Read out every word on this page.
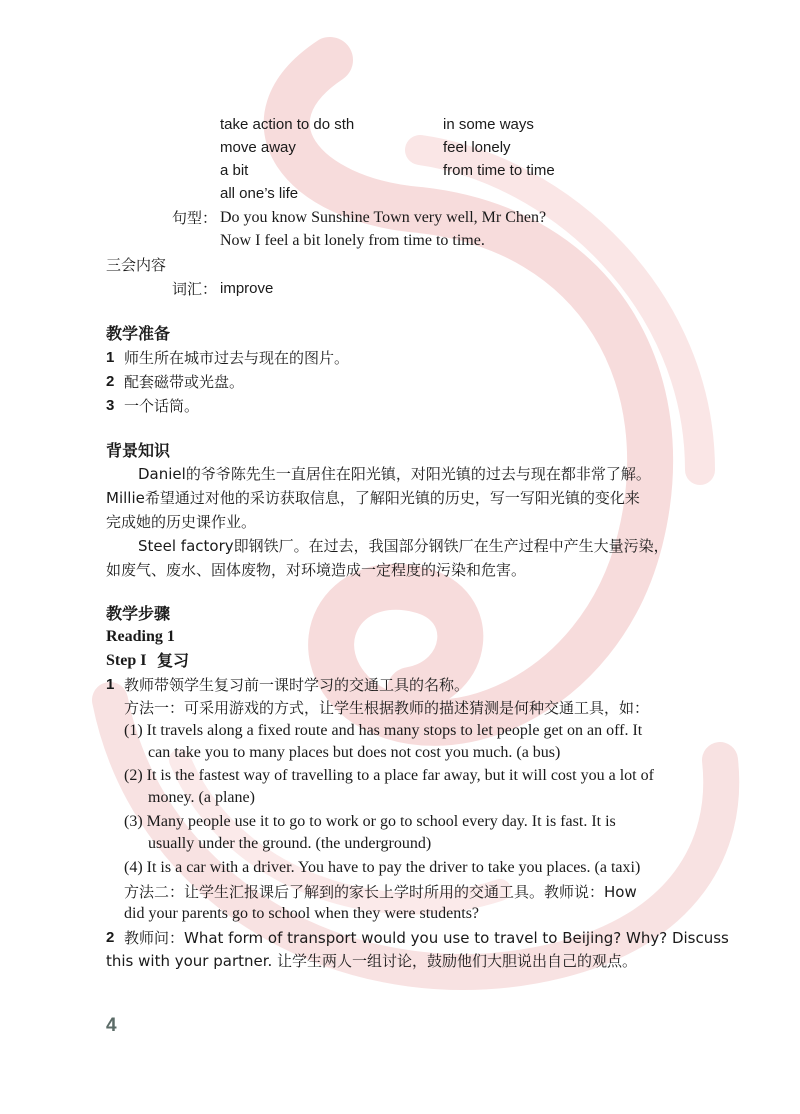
take action to do sth
move away
a bit
all one’s life
in some ways
feel lonely
from time to time
句型： Do you know Sunshine Town very well, Mr Chen?
Now I feel a bit lonely from time to time.
三会内容
词汇： improve
教学准备
1 师生所在城市过去与现在的图片。
2 配套磁带或光盘。
3 一个话筒。
背景知识
Daniel的爷爷陈先生一直居住在阳光镇，对阳光镇的过去与现在都非常了解。
Millie希望通过对他的采访获取信息，了解阳光镇的历史，写一写阳光镇的变化来
完成她的历史课作业。
Steel factory即钢铁厂。在过去，我国部分钢铁厂在生产过程中产生大量污染，
如废气、废水、固体废物，对环境造成一定程度的污染和危害。
教学步骤
Reading 1
Step I 复习
1 教师带领学生复习前一课时学习的交通工具的名称。
方法一：可采用游戏的方式，让学生根据教师的描述猜测是何种交通工具，如：
(1) It travels along a fixed route and has many stops to let people get on an off. It
can take you to many places but does not cost you much. (a bus)
(2) It is the fastest way of travelling to a place far away, but it will cost you a lot of
money. (a plane)
(3) Many people use it to go to work or go to school every day. It is fast. It is
usually under the ground. (the underground)
(4) It is a car with a driver. You have to pay the driver to take you places. (a taxi)
方法二：让学生汇报课后了解到的家长上学时所用的交通工具。教师说：How
did your parents go to school when they were students?
2 教师问：What form of transport would you use to travel to Beijing? Why? Discuss
this with your partner. 让学生两人一组讨论，鼓励他们大胆说出自己的观点。
4
